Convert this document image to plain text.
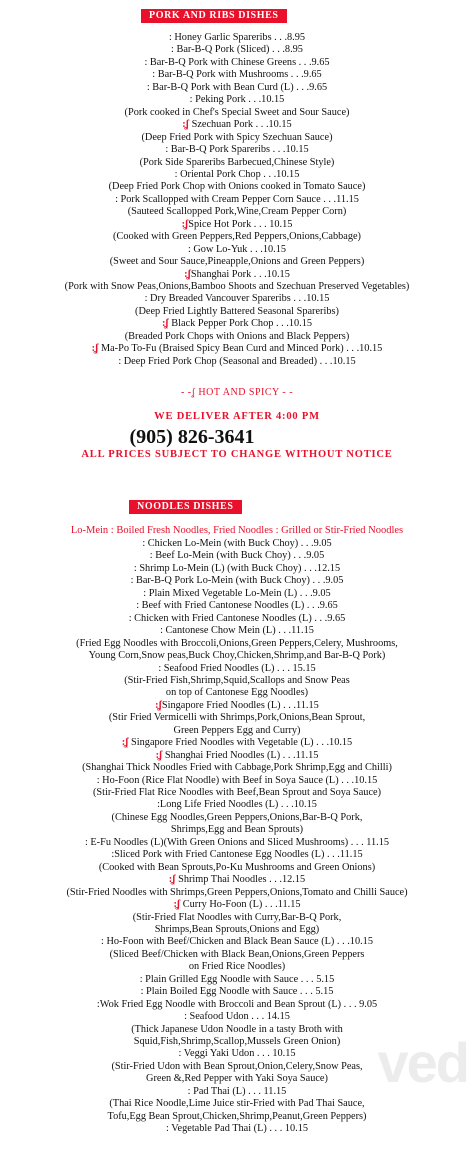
PORK AND RIBS DISHES
: Honey Garlic Spareribs . . .8.95
: Bar-B-Q Pork (Sliced) . . .8.95
: Bar-B-Q Pork with Chinese Greens . . .9.65
: Bar-B-Q Pork with Mushrooms . . .9.65
: Bar-B-Q Pork with Bean Curd (L) . . .9.65
: Peking Pork . . .10.15
(Pork cooked in Chef's Special Sweet and Sour Sauce)
:ʆ Szechuan Pork . . .10.15
(Deep Fried Pork with Spicy Szechuan Sauce)
: Bar-B-Q Pork Spareribs . . .10.15
(Pork Side Spareribs Barbecued,Chinese Style)
: Oriental Pork Chop . . .10.15
(Deep Fried Pork Chop with Onions cooked in Tomato Sauce)
: Pork Scallopped with Cream Pepper Corn Sauce . . .11.15
(Sauteed Scallopped Pork,Wine,Cream Pepper Corn)
:ʆSpice Hot Pork . . . 10.15
(Cooked with Green Peppers,Red Peppers,Onions,Cabbage)
: Gow Lo-Yuk . . .10.15
(Sweet and Sour Sauce,Pineapple,Onions and Green Peppers)
:ʆShanghai Pork . . .10.15
(Pork with Snow Peas,Onions,Bamboo Shoots and Szechuan Preserved Vegetables)
: Dry Breaded Vancouver Spareribs . . .10.15
(Deep Fried Lightly Battered Seasonal Spareribs)
:ʆ Black Pepper Pork Chop . . .10.15
(Breaded Pork Chops with Onions and Black Peppers)
:ʆ Ma-Po To-Fu (Braised Spicy Bean Curd and Minced Pork) . . .10.15
: Deep Fried Pork Chop (Seasonal and Breaded) . . .10.15
- -ʆ HOT AND SPICY - -
WE DELIVER AFTER 4:00 PM
(905) 826-3641
ALL PRICES SUBJECT TO CHANGE WITHOUT NOTICE
NOODLES DISHES
Lo-Mein : Boiled Fresh Noodles, Fried Noodles : Grilled or Stir-Fried Noodles
: Chicken Lo-Mein (with Buck Choy) . . .9.05
: Beef Lo-Mein (with Buck Choy) . . .9.05
: Shrimp Lo-Mein (L) (with Buck Choy) . . .12.15
: Bar-B-Q Pork Lo-Mein (with Buck Choy) . . .9.05
: Plain Mixed Vegetable Lo-Mein (L) . . .9.05
: Beef with Fried Cantonese Noodles (L) . . .9.65
: Chicken with Fried Cantonese Noodles (L) . . .9.65
: Cantonese Chow Mein (L) . . .11.15
(Fried Egg Noodles with Broccoli,Onions,Green Peppers,Celery, Mushrooms,
Young Corn,Snow peas,Buck Choy,Chicken,Shrimp,and Bar-B-Q Pork)
: Seafood Fried Noodles (L) . . . 15.15
(Stir-Fried Fish,Shrimp,Squid,Scallops and Snow Peas
on top of Cantonese Egg Noodles)
:ʆSingapore Fried Noodles (L) . . .11.15
(Stir Fried Vermicelli with Shrimps,Pork,Onions,Bean Sprout,
Green Peppers Egg and Curry)
:ʆ Singapore Fried Noodles with Vegetable (L) . . .10.15
:ʆ Shanghai Fried Noodles (L) . . .11.15
(Shanghai Thick Noodles Fried with Cabbage,Pork Shrimp,Egg and Chilli)
: Ho-Foon (Rice Flat Noodle) with Beef in Soya Sauce (L) . . .10.15
(Stir-Fried Flat Rice Noodles with Beef,Bean Sprout and Soya Sauce)
:Long Life Fried Noodles (L) . . .10.15
(Chinese Egg Noodles,Green Peppers,Onions,Bar-B-Q Pork,
Shrimps,Egg and Bean Sprouts)
: E-Fu Noodles (L)(With Green Onions and Sliced Mushrooms) . . . 11.15
:Sliced Pork with Fried Cantonese Egg Noodles (L) . . .11.15
(Cooked with Bean Sprouts,Po-Ku Mushrooms and Green Onions)
:ʆ Shrimp Thai Noodles . . .12.15
(Stir-Fried Noodles with Shrimps,Green Peppers,Onions,Tomato and Chilli Sauce)
:ʆ Curry Ho-Foon (L) . . .11.15
(Stir-Fried Flat Noodles with Curry,Bar-B-Q Pork,
Shrimps,Bean Sprouts,Onions and Egg)
: Ho-Foon with Beef/Chicken and Black Bean Sauce (L) . . .10.15
(Sliced Beef/Chicken with Black Bean,Onions,Green Peppers
on Fried Rice Noodles)
: Plain Grilled Egg Noodle with Sauce . . . 5.15
: Plain Boiled Egg Noodle with Sauce . . . 5.15
:Wok Fried Egg Noodle with Broccoli and Bean Sprout (L) . . . 9.05
: Seafood Udon . . . 14.15
(Thick Japanese Udon Noodle in a tasty Broth with
Squid,Fish,Shrimp,Scallop,Mussels Green Onion)
: Veggi Yaki Udon . . . 10.15
(Stir-Fried Udon with Bean Sprout,Onion,Celery,Snow Peas,
Green &,Red Pepper with Yaki Soya Sauce)
: Pad Thai (L) . . . 11.15
(Thai Rice Noodle,Lime Juice stir-Fried with Pad Thai Sauce,
Tofu,Egg Bean Sprout,Chicken,Shrimp,Peanut,Green Peppers)
: Vegetable Pad Thai (L) . . . 10.15
ved
